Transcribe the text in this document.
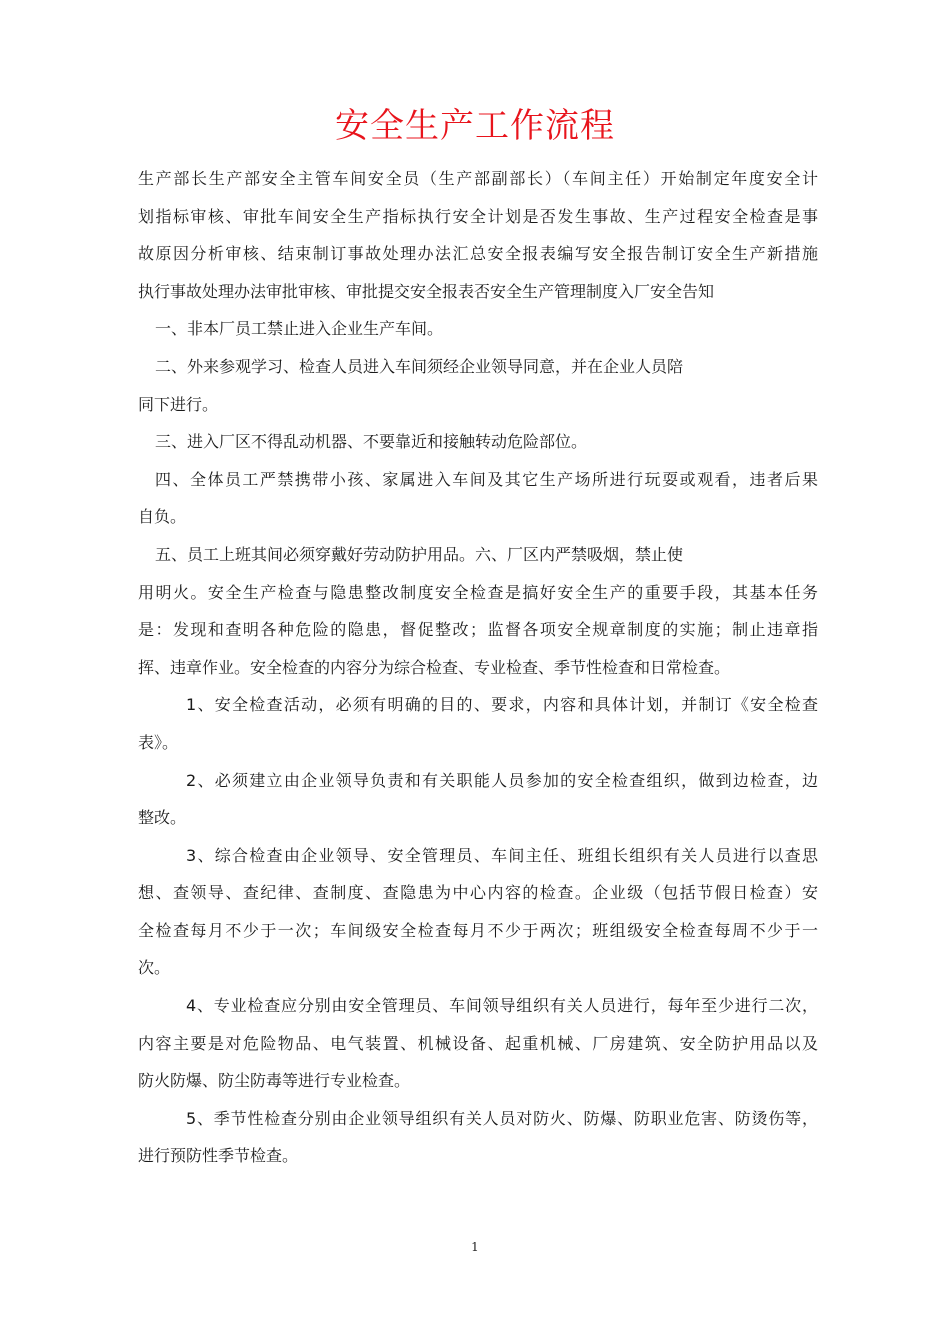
安全生产工作流程
生产部长生产部安全主管车间安全员（生产部副部长）（车间主任）开始制定年度安全计
划指标审核、审批车间安全生产指标执行安全计划是否发生事故、生产过程安全检查是事
故原因分析审核、结束制订事故处理办法汇总安全报表编写安全报告制订安全生产新措施
执行事故处理办法审批审核、审批提交安全报表否安全生产管理制度入厂安全告知
一、非本厂员工禁止进入企业生产车间。
二、外来参观学习、检查人员进入车间须经企业领导同意，并在企业人员陪
同下进行。
三、进入厂区不得乱动机器、不要靠近和接触转动危险部位。
四、全体员工严禁携带小孩、家属进入车间及其它生产场所进行玩耍或观看，违者后果
自负。
五、员工上班其间必须穿戴好劳动防护用品。六、厂区内严禁吸烟，禁止使
用明火。安全生产检查与隐患整改制度安全检查是搞好安全生产的重要手段，其基本任务
是：发现和查明各种危险的隐患，督促整改；监督各项安全规章制度的实施；制止违章指
挥、违章作业。安全检查的内容分为综合检查、专业检查、季节性检查和日常检查。
1、安全检查活动，必须有明确的目的、要求，内容和具体计划，并制订《安全检查
表》。
2、必须建立由企业领导负责和有关职能人员参加的安全检查组织，做到边检查，边
整改。
3、综合检查由企业领导、安全管理员、车间主任、班组长组织有关人员进行以查思
想、查领导、查纪律、查制度、查隐患为中心内容的检查。企业级（包括节假日检查）安
全检查每月不少于一次；车间级安全检查每月不少于两次；班组级安全检查每周不少于一
次。
4、专业检查应分别由安全管理员、车间领导组织有关人员进行，每年至少进行二次，
内容主要是对危险物品、电气装置、机械设备、起重机械、厂房建筑、安全防护用品以及
防火防爆、防尘防毒等进行专业检查。
5、季节性检查分别由企业领导组织有关人员对防火、防爆、防职业危害、防烫伤等，
进行预防性季节检查。
1
